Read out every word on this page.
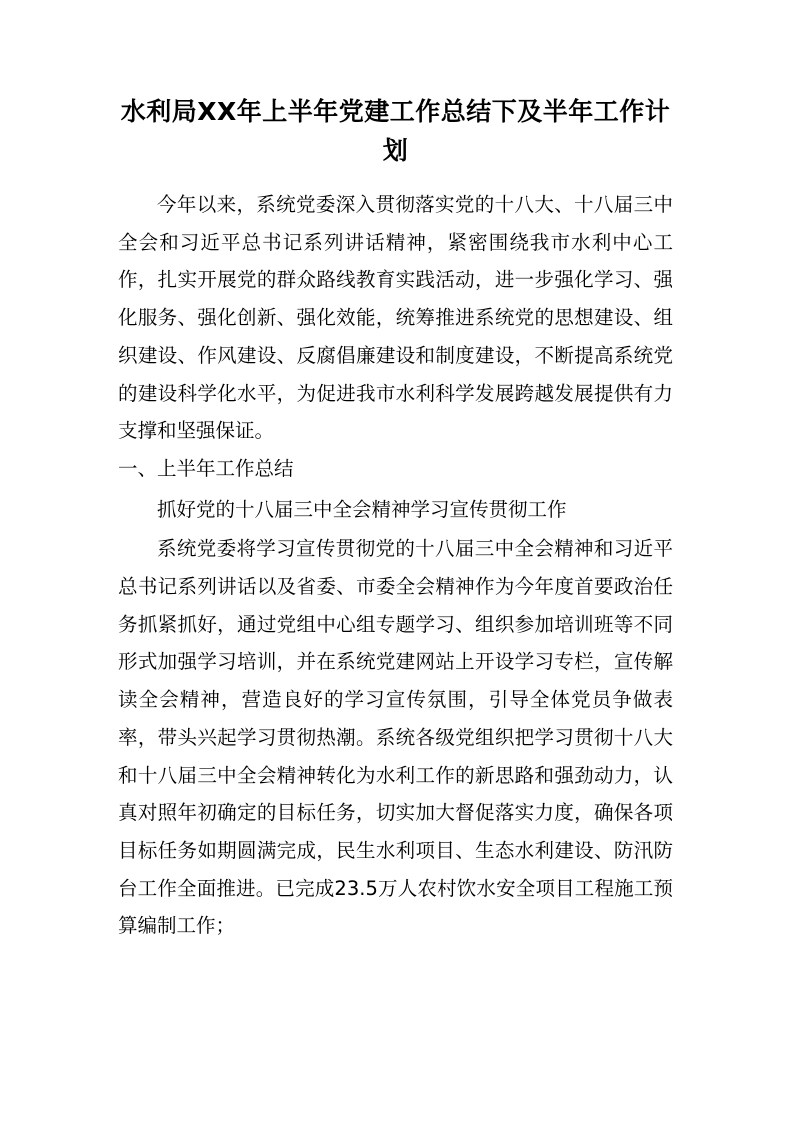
水利局XX年上半年党建工作总结下及半年工作计划

今年以来，系统党委深入贯彻落实党的十八大、十八届三中全会和习近平总书记系列讲话精神，紧密围绕我市水利中心工作，扎实开展党的群众路线教育实践活动，进一步强化学习、强化服务、强化创新、强化效能，统筹推进系统党的思想建设、组织建设、作风建设、反腐倡廉建设和制度建设，不断提高系统党的建设科学化水平，为促进我市水利科学发展跨越发展提供有力支撑和坚强保证。

一、上半年工作总结

抓好党的十八届三中全会精神学习宣传贯彻工作

系统党委将学习宣传贯彻党的十八届三中全会精神和习近平总书记系列讲话以及省委、市委全会精神作为今年度首要政治任务抓紧抓好，通过党组中心组专题学习、组织参加培训班等不同形式加强学习培训，并在系统党建网站上开设学习专栏，宣传解读全会精神，营造良好的学习宣传氛围，引导全体党员争做表率，带头兴起学习贯彻热潮。系统各级党组织把学习贯彻十八大和十八届三中全会精神转化为水利工作的新思路和强劲动力，认真对照年初确定的目标任务，切实加大督促落实力度，确保各项目标任务如期圆满完成，民生水利项目、生态水利建设、防汛防台工作全面推进。已完成23.5万人农村饮水安全项目工程施工预算编制工作；
